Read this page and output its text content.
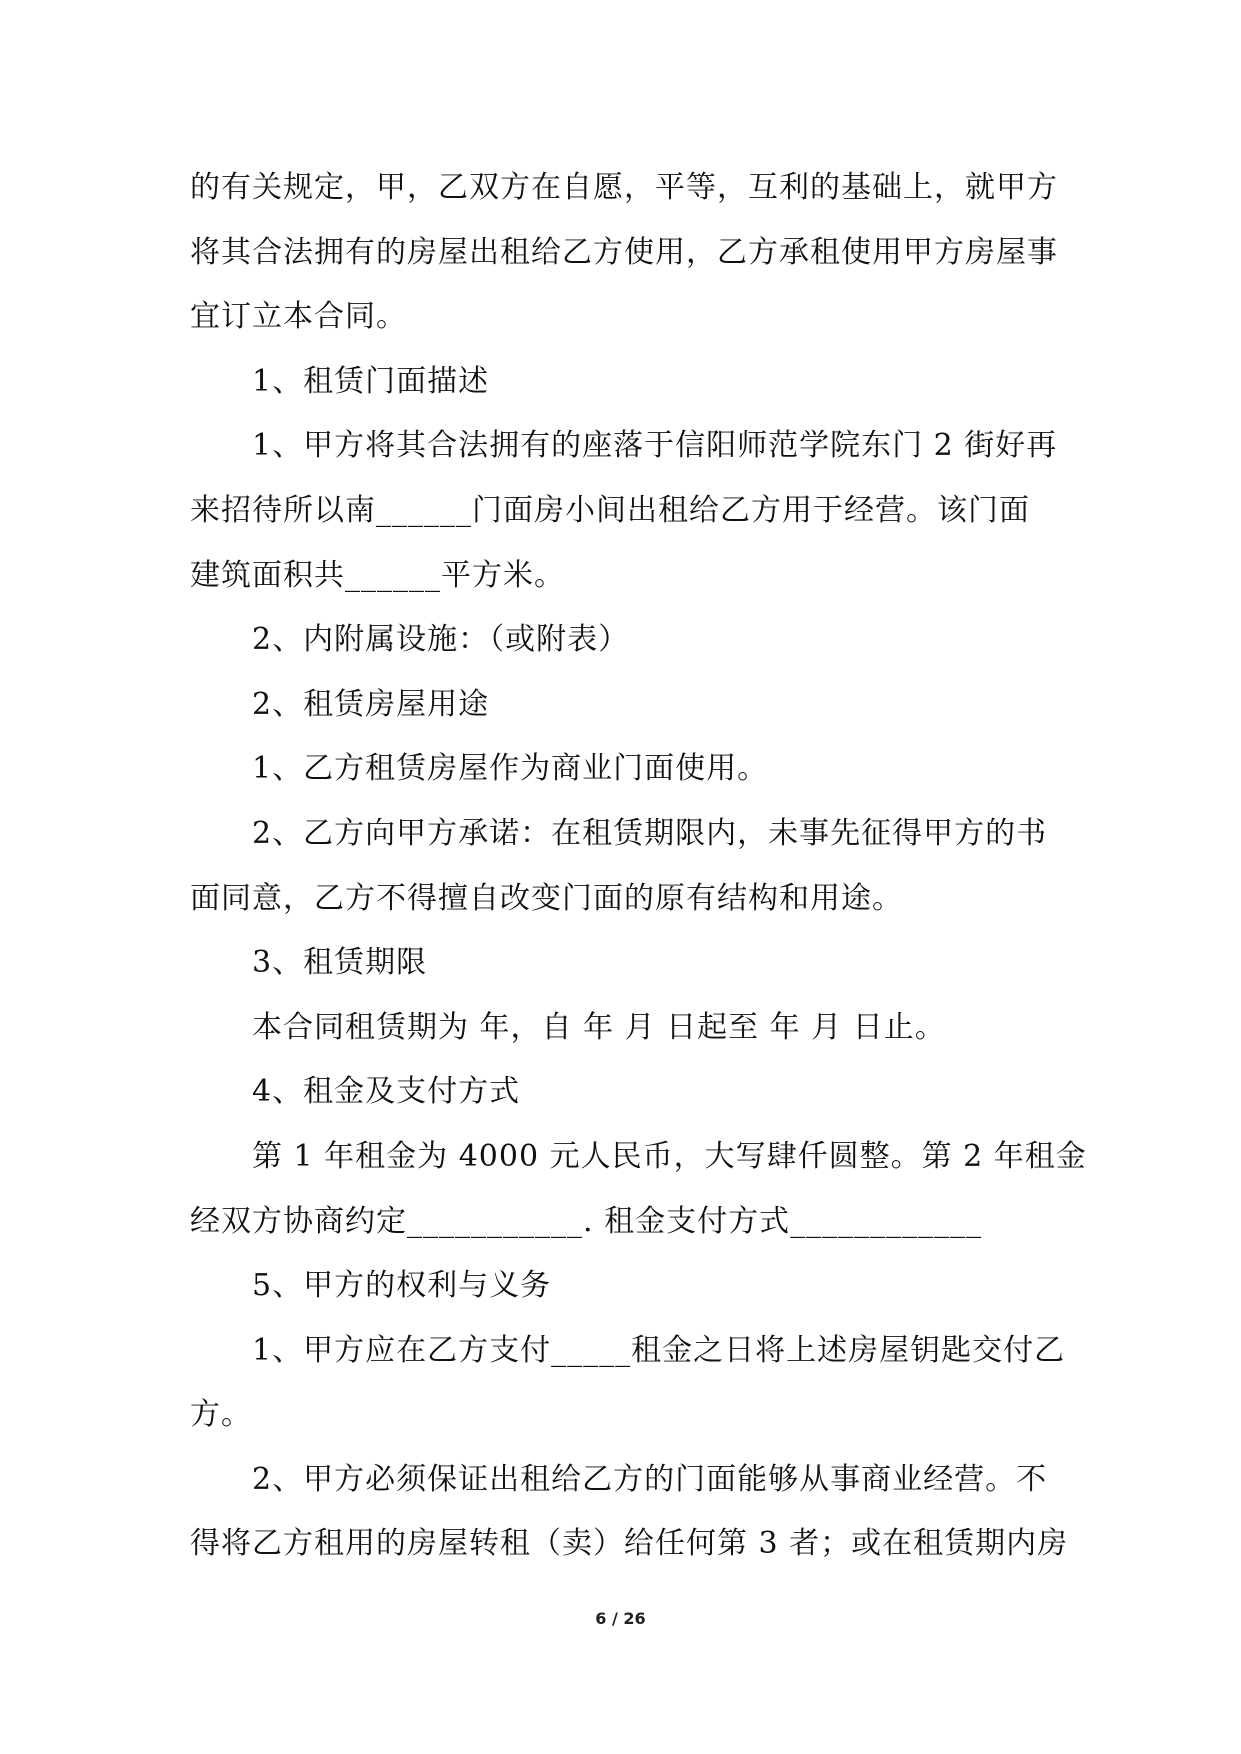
的有关规定，甲，乙双方在自愿，平等，互利的基础上，就甲方
将其合法拥有的房屋出租给乙方使用，乙方承租使用甲方房屋事
宜订立本合同。
1、租赁门面描述
1、甲方将其合法拥有的座落于信阳师范学院东门 2 街好再
来招待所以南______门面房小间出租给乙方用于经营。该门面
建筑面积共______平方米。
2、内附属设施：（或附表）
2、租赁房屋用途
1、乙方租赁房屋作为商业门面使用。
2、乙方向甲方承诺：在租赁期限内，未事先征得甲方的书
面同意，乙方不得擅自改变门面的原有结构和用途。
3、租赁期限
本合同租赁期为 年，自 年 月 日起至 年 月 日止。
4、租金及支付方式
第 1 年租金为 4000 元人民币，大写肆仟圆整。第 2 年租金
经双方协商约定___________. 租金支付方式____________
5、甲方的权利与义务
1、甲方应在乙方支付_____租金之日将上述房屋钥匙交付乙
方。
2、甲方必须保证出租给乙方的门面能够从事商业经营。不
得将乙方租用的房屋转租（卖）给任何第 3 者；或在租赁期内房
6 / 26
